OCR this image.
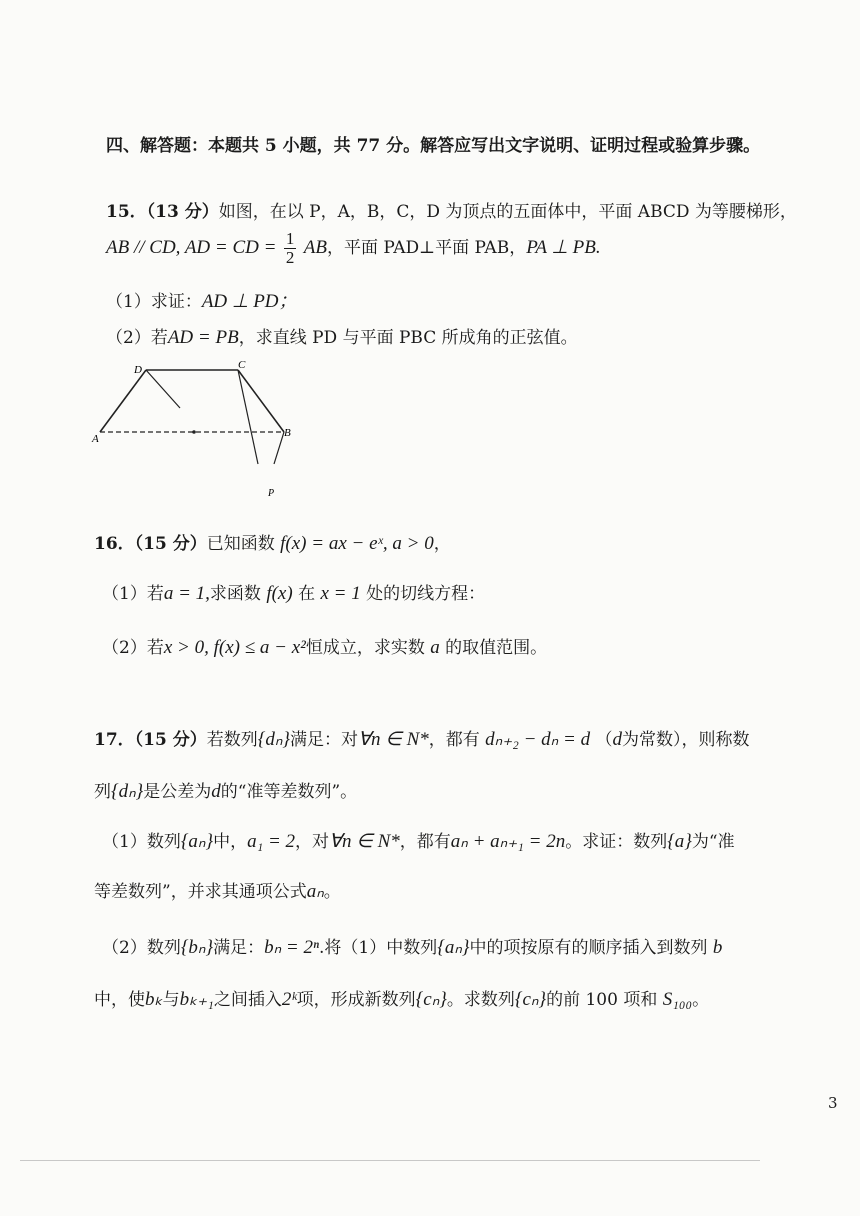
四、解答题：本题共 5 小题，共 77 分。解答应写出文字说明、证明过程或验算步骤。
15．（13 分）如图，在以 P，A，B，C，D 为顶点的五面体中，平面 ABCD 为等腰梯形，
AB // CD, AD = CD = $\frac{1}{2}$ AB，平面 PAD⊥平面 PAB，PA ⊥ PB.
（1）求证：AD ⊥ PD；
（2）若AD = PB，求直线 PD 与平面 PBC 所成角的正弦值。
D	C
A	B
P
16．（15 分）已知函数 f(x) = ax − eˣ, a > 0，
（1）若a = 1,求函数 f(x) 在 x = 1 处的切线方程：
（2）若x > 0, f(x) ≤ a − x²恒成立，求实数 a 的取值范围。
17．（15 分）若数列{dₙ}满足：对∀n ∈ N*，都有 dₙ₊₂ − dₙ = d （d为常数），则称数
列{dₙ}是公差为d的“准等差数列”。
（1）数列{aₙ}中，a₁ = 2，对∀n ∈ N*，都有aₙ + aₙ₊₁ = 2n。求证：数列{a}为“准
等差数列”，并求其通项公式aₙ。
（2）数列{bₙ}满足：bₙ = 2ⁿ.将（1）中数列{aₙ}中的项按原有的顺序插入到数列 b
中，使bₖ与bₖ₊₁之间插入2ᵏ项，形成新数列{cₙ}。求数列{cₙ}的前 100 项和 S₁₀₀。
3
